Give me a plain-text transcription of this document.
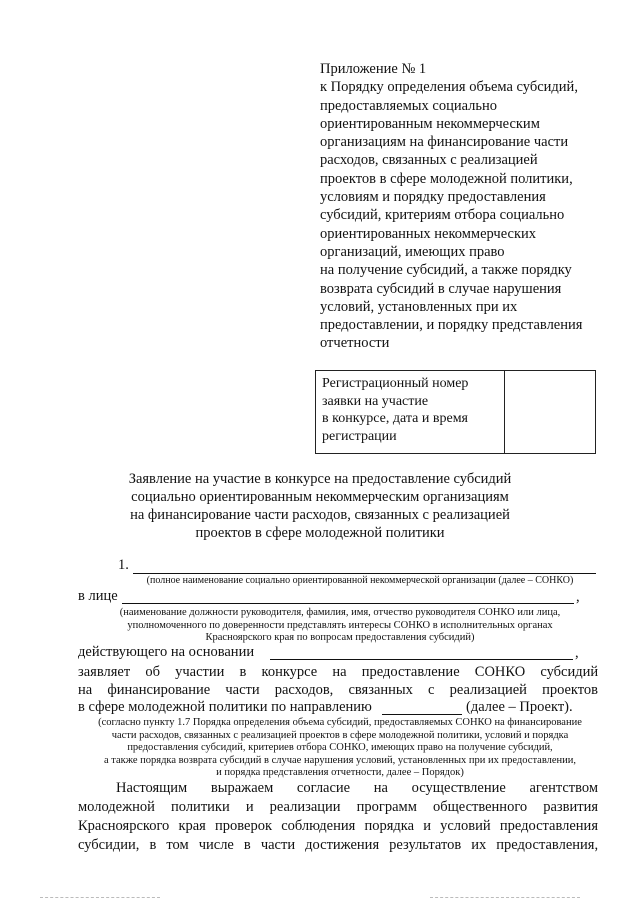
Приложение № 1
к Порядку определения объема субсидий,
предоставляемых социально
ориентированным некоммерческим
организациям на финансирование части
расходов, связанных с реализацией
проектов в сфере молодежной политики,
условиям и порядку предоставления
субсидий, критериям отбора социально
ориентированных некоммерческих
организаций, имеющих право
на получение субсидий, а также порядку
возврата субсидий в случае нарушения
условий, установленных при их
предоставлении, и порядку представления
отчетности
Регистрационный номер
заявки на участие
в конкурсе, дата и время
регистрации

Заявление на участие в конкурсе на предоставление субсидий
социально ориентированным некоммерческим организациям
на финансирование части расходов, связанных с реализацией
проектов в сфере молодежной политики
1.
(полное наименование социально ориентированной некоммерческой организации (далее – СОНКО)
в лице	,
(наименование должности руководителя, фамилия, имя, отчество руководителя СОНКО или лица,
уполномоченного по доверенности представлять интересы СОНКО в исполнительных органах
Красноярского края по вопросам предоставления субсидий)
действующего на основании	,
заявляет об участии в конкурсе на предоставление СОНКО субсидий
на финансирование части расходов, связанных с реализацией проектов
в сфере молодежной политики по направлению	(далее – Проект).
(согласно пункту 1.7 Порядка определения объема субсидий, предоставляемых СОНКО на финансирование
части расходов, связанных с реализацией проектов в сфере молодежной политики, условий и порядка
предоставления субсидий, критериев отбора СОНКО, имеющих право на получение субсидий,
а также порядка возврата субсидий в случае нарушения условий, установленных при их предоставлении,
и порядка представления отчетности, далее – Порядок)
Настоящим выражаем согласие на осуществление агентством
молодежной политики и реализации программ общественного развития
Красноярского края проверок соблюдения порядка и условий предоставления
субсидии, в том числе в части достижения результатов их предоставления,
